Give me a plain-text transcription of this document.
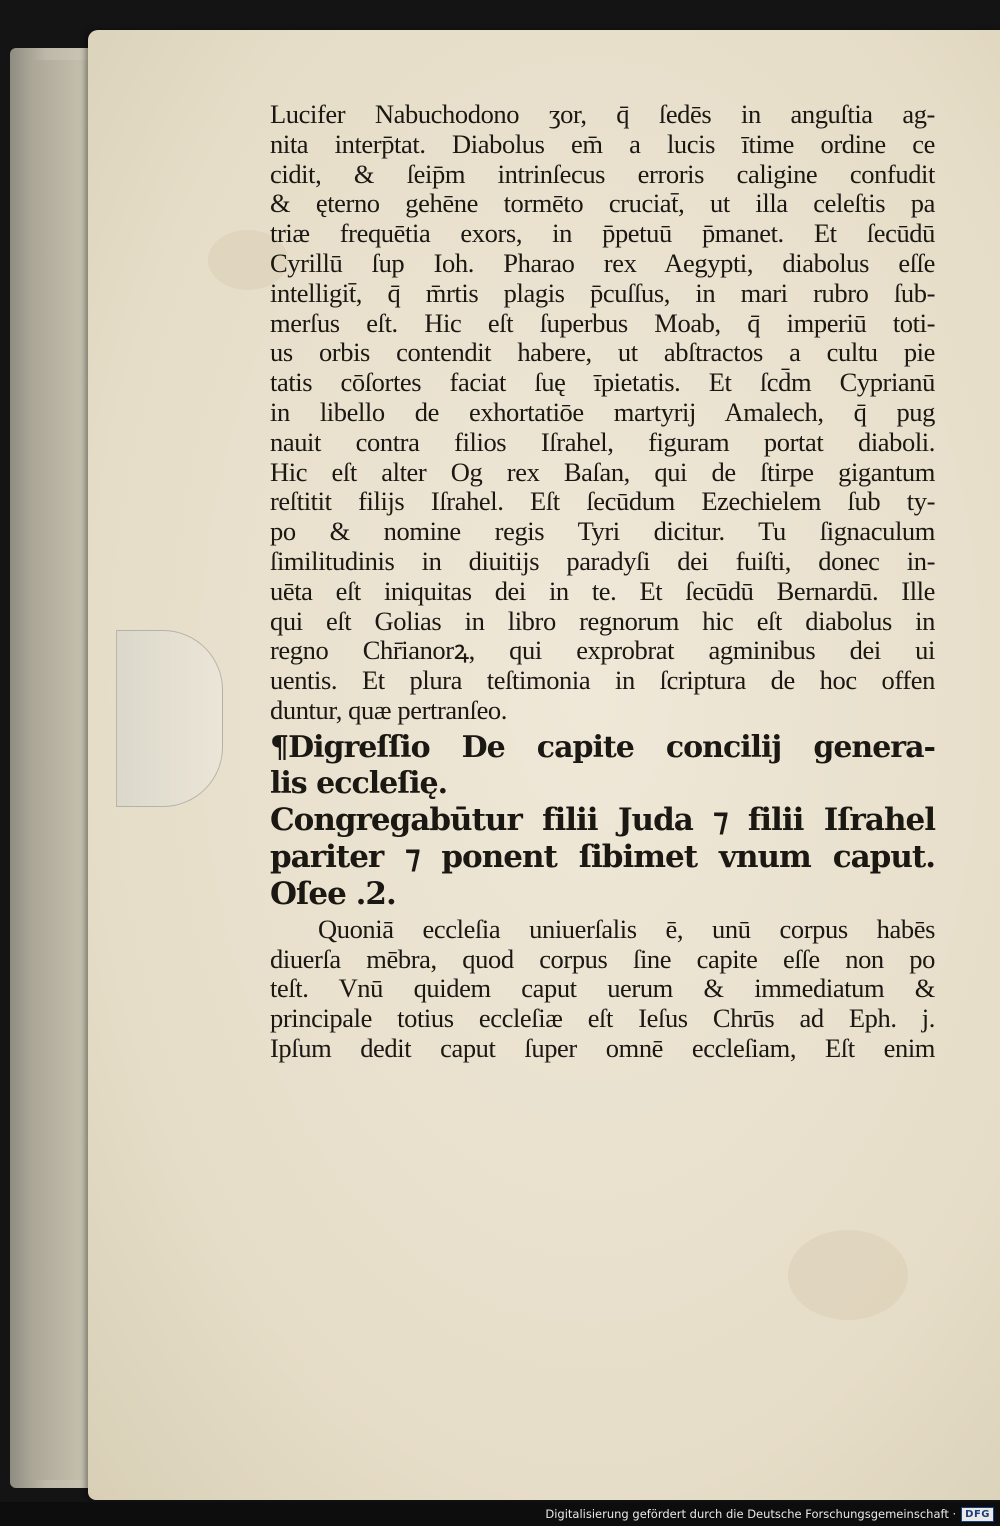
Lucifer Nabuchodono ʒor, q̄ ſedēs in anguſtia ag-
nita interp̄tat. Diabolus em̄ a lucis ītime ordine ce
cidit, & ſeip̄m intrinſecus erroris caligine confudit
& ęterno gehēne tormēto cruciat̄, ut illa celeſtis pa
triæ frequētia exors, in p̄petuū p̄manet. Et ſecūdū
Cyrillū ſup Ioh. Pharao rex Aegypti, diabolus eſſe
intelligit̄, q̄ m̄rtis plagis p̄cuſſus, in mari rubro ſub-
merſus eſt. Hic eſt ſuperbus Moab, q̄ imperiū toti-
us orbis contendit habere, ut abſtractos a cultu pie
tatis cōſortes faciat ſuę īpietatis. Et ſcd̄m Cyprianū
in libello de exhortatiōe martyrij Amalech, q̄ pug
nauit contra filios Iſrahel, figuram portat diaboli.
Hic eſt alter Og rex Baſan, qui de ſtirpe gigantum
reſtitit filijs Iſrahel. Eſt ſecūdum Ezechielem ſub ty-
po & nomine regis Tyri dicitur. Tu ſignaculum
ſimilitudinis in diuitijs paradyſi dei fuiſti, donec in-
uēta eſt iniquitas dei in te. Et ſecūdū Bernardū. Ille
qui eſt Golias in libro regnorum hic eſt diabolus in
regno Chr̄ianorꝝ, qui exprobrat agminibus dei ui
uentis. Et plura teſtimonia in ſcriptura de hoc offen
duntur, quæ pertranſeo.
¶Digreſſio De capite concilij genera-
lis eccleſię.
Congregabūtur filii Juda ⁊ filii Iſrahel
pariter ⁊ ponent ſibimet vnum caput.
Oſee .2.
Quoniā eccleſia uniuerſalis ē, unū corpus habēs
diuerſa mēbra, quod corpus ſine capite eſſe non po
teſt. Vnū quidem caput uerum & immediatum &
principale totius eccleſiæ eſt Ieſus Chrūs ad Eph. j.
Ipſum dedit caput ſuper omnē eccleſiam, Eſt enim
Digitalisierung gefördert durch die Deutsche Forschungsgemeinschaft · DFG
